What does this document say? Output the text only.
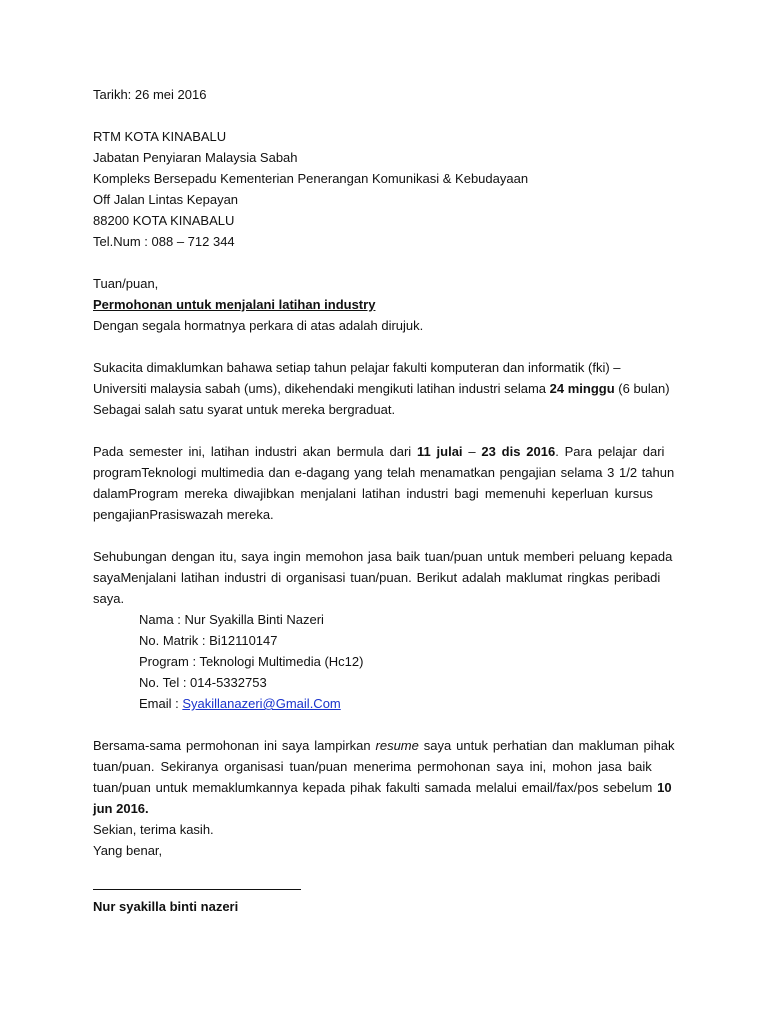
Tarikh: 26 mei 2016
RTM KOTA KINABALU
Jabatan Penyiaran Malaysia Sabah
Kompleks Bersepadu Kementerian Penerangan Komunikasi & Kebudayaan
Off Jalan Lintas Kepayan
88200 KOTA KINABALU
Tel.Num : 088 – 712 344
Tuan/puan,
Permohonan untuk menjalani latihan industry
Dengan segala hormatnya perkara di atas adalah dirujuk.
Sukacita dimaklumkan bahawa setiap tahun pelajar fakulti komputeran dan informatik (fki) –
Universiti malaysia sabah (ums), dikehendaki mengikuti latihan industri selama 24 minggu (6 bulan)
Sebagai salah satu syarat untuk mereka bergraduat.
Pada semester ini, latihan industri akan bermula dari 11 julai – 23 dis 2016. Para pelajar dari
programTeknologi multimedia dan e-dagang yang telah menamatkan pengajian selama 3 1/2 tahun
dalamProgram mereka diwajibkan menjalani latihan industri bagi memenuhi keperluan kursus
pengajianPrasiswazah mereka.
Sehubungan dengan itu, saya ingin memohon jasa baik tuan/puan untuk memberi peluang kepada
sayaMenjalani latihan industri di organisasi tuan/puan. Berikut adalah maklumat ringkas peribadi
saya.
Nama : Nur Syakilla Binti Nazeri
No. Matrik : Bi12110147
Program : Teknologi Multimedia (Hc12)
No. Tel : 014-5332753
Email : Syakillanazeri@Gmail.Com
Bersama-sama permohonan ini saya lampirkan resume saya untuk perhatian dan makluman pihak
tuan/puan. Sekiranya organisasi tuan/puan menerima permohonan saya ini, mohon jasa baik
tuan/puan untuk memaklumkannya kepada pihak fakulti samada melalui email/fax/pos sebelum 10
jun 2016.
Sekian, terima kasih.
Yang benar,
Nur syakilla binti nazeri
